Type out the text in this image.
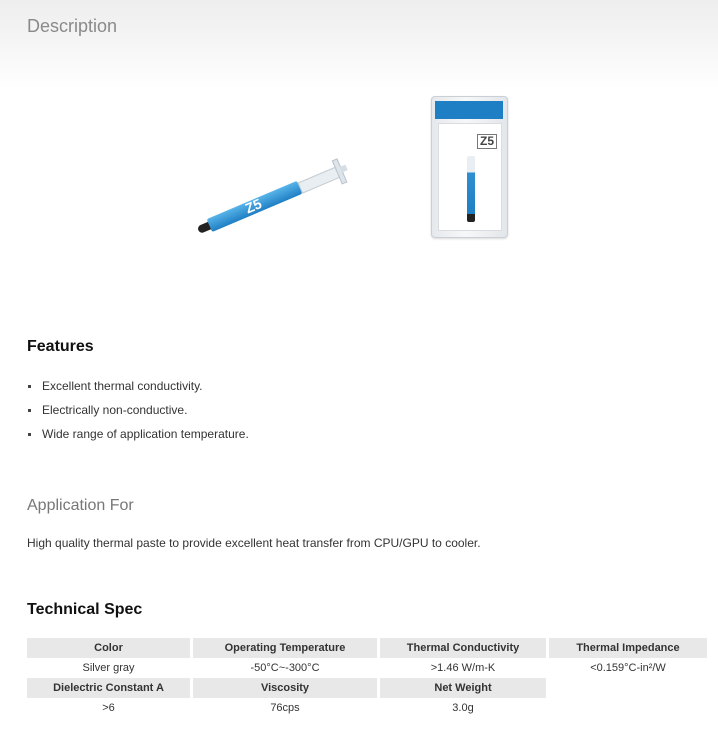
Description
Z5
Z5
Features
Excellent thermal conductivity.
Electrically non-conductive.
Wide range of application temperature.
Application For
High quality thermal paste to provide excellent heat transfer from CPU/GPU to cooler.
Technical Spec
Color		Operating Temperature		Thermal Conductivity		Thermal Impedance
Silver gray		-50°C~-300°C		>1.46 W/m-K		<0.159°C-in²/W
Dielectric Constant A		Viscosity		Net Weight		
>6		76cps		3.0g		
